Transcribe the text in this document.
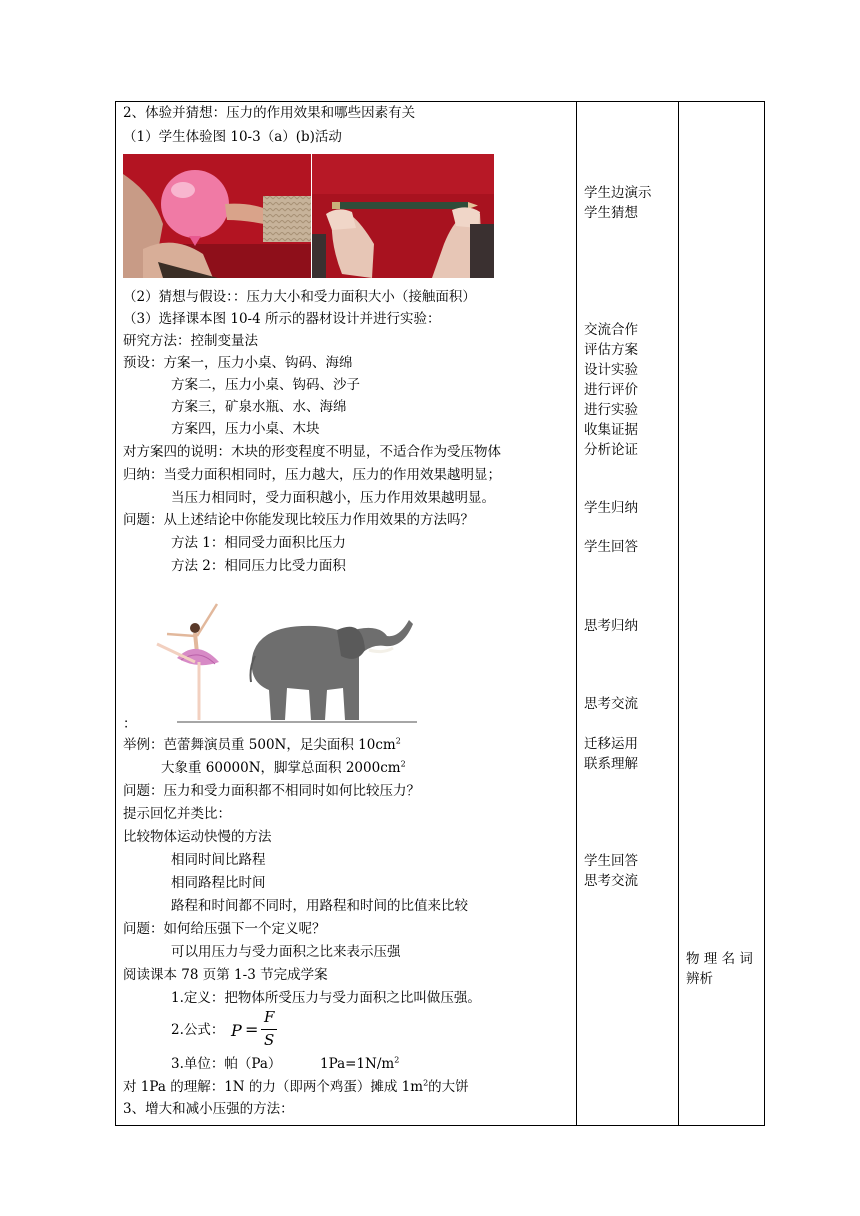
2、体验并猜想：压力的作用效果和哪些因素有关
（1）学生体验图 10-3（a）(b)活动
（2）猜想与假设：：压力大小和受力面积大小（接触面积）
（3）选择课本图 10-4 所示的器材设计并进行实验：
研究方法：控制变量法
预设：方案一，压力小桌、钩码、海绵
方案二，压力小桌、钩码、沙子
方案三，矿泉水瓶、水、海绵
方案四，压力小桌、木块
对方案四的说明：木块的形变程度不明显，不适合作为受压物体
归纳：当受力面积相同时，压力越大，压力的作用效果越明显；
当压力相同时，受力面积越小，压力作用效果越明显。
问题：从上述结论中你能发现比较压力作用效果的方法吗？
方法 1：相同受力面积比压力
方法 2：相同压力比受力面积
：
举例：芭蕾舞演员重 500N，足尖面积 $10cm^2$
大象重 60000N，脚掌总面积 $2000cm^2$
问题：压力和受力面积都不相同时如何比较压力？
提示回忆并类比：
比较物体运动快慢的方法
相同时间比路程
相同路程比时间
路程和时间都不同时，用路程和时间的比值来比较
问题：如何给压强下一个定义呢？
可以用压力与受力面积之比来表示压强
阅读课本 78 页第 1-3 节完成学案
1.定义：把物体所受压力与受力面积之比叫做压强。
2.公式： P =
F
S
3.单位：帕（Pa）	$1Pa=1N/m^2$
对 1Pa 的理解：1N 的力（即两个鸡蛋）摊成 $1m^2$的大饼
3、增大和减小压强的方法：
学生边演示
学生猜想
交流合作
评估方案
设计实验
进行评价
进行实验
收集证据
分析论证
学生归纳
学生回答
思考归纳
思考交流
迁移运用
联系理解
学生回答
思考交流
物 理 名 词
辨析
